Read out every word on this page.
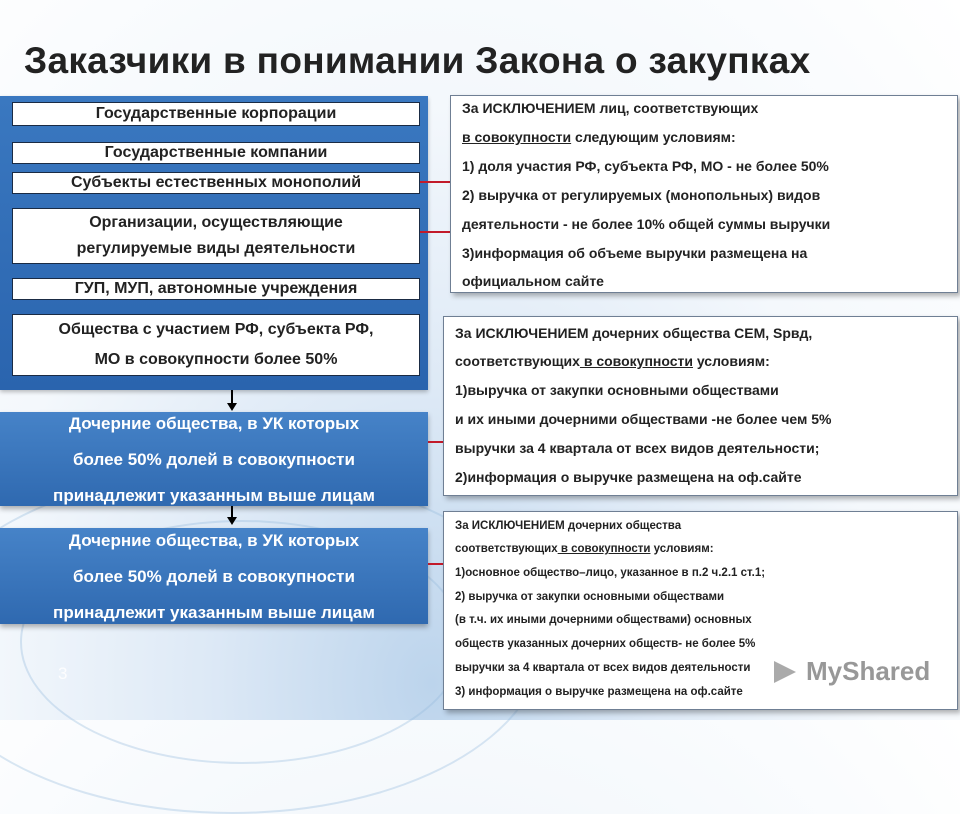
Заказчики в понимании Закона о закупках
Государственные корпорации
Государственные компании
Субъекты естественных монополий
Организации, осуществляющие
регулируемые виды деятельности
ГУП, МУП, автономные учреждения
Общества с участием РФ, субъекта РФ,
МО в совокупности более 50%
Дочерние общества, в УК которых
более 50% долей в совокупности
принадлежит указанным выше лицам
Дочерние общества, в УК которых
более 50% долей в совокупности
принадлежит указанным выше лицам
За ИСКЛЮЧЕНИЕМ лиц, соответствующих
в совокупности следующим условиям:
1) доля участия РФ, субъекта РФ, МО - не более 50%
2) выручка от регулируемых (монопольных) видов
деятельности - не более 10% общей суммы выручки
3)информация об объеме выручки размещена на
официальном сайте
За ИСКЛЮЧЕНИЕМ дочерних общества СЕМ, Sрвд,
соответствующих в совокупности условиям:
1)выручка от закупки основными обществами
и их иными дочерними обществами -не более чем 5%
выручки за 4 квартала от всех видов деятельности;
2)информация о выручке размещена на оф.сайте
За ИСКЛЮЧЕНИЕМ дочерних общества
соответствующих в совокупности условиям:
1)основное общество–лицо, указанное в п.2 ч.2.1 ст.1;
2) выручка от закупки основными обществами
(в т.ч. их иными дочерними обществами) основных
обществ указанных дочерних обществ- не более 5%
выручки за 4 квартала от всех видов деятельности
3) информация о выручке размещена на оф.сайте
3	MyShared
